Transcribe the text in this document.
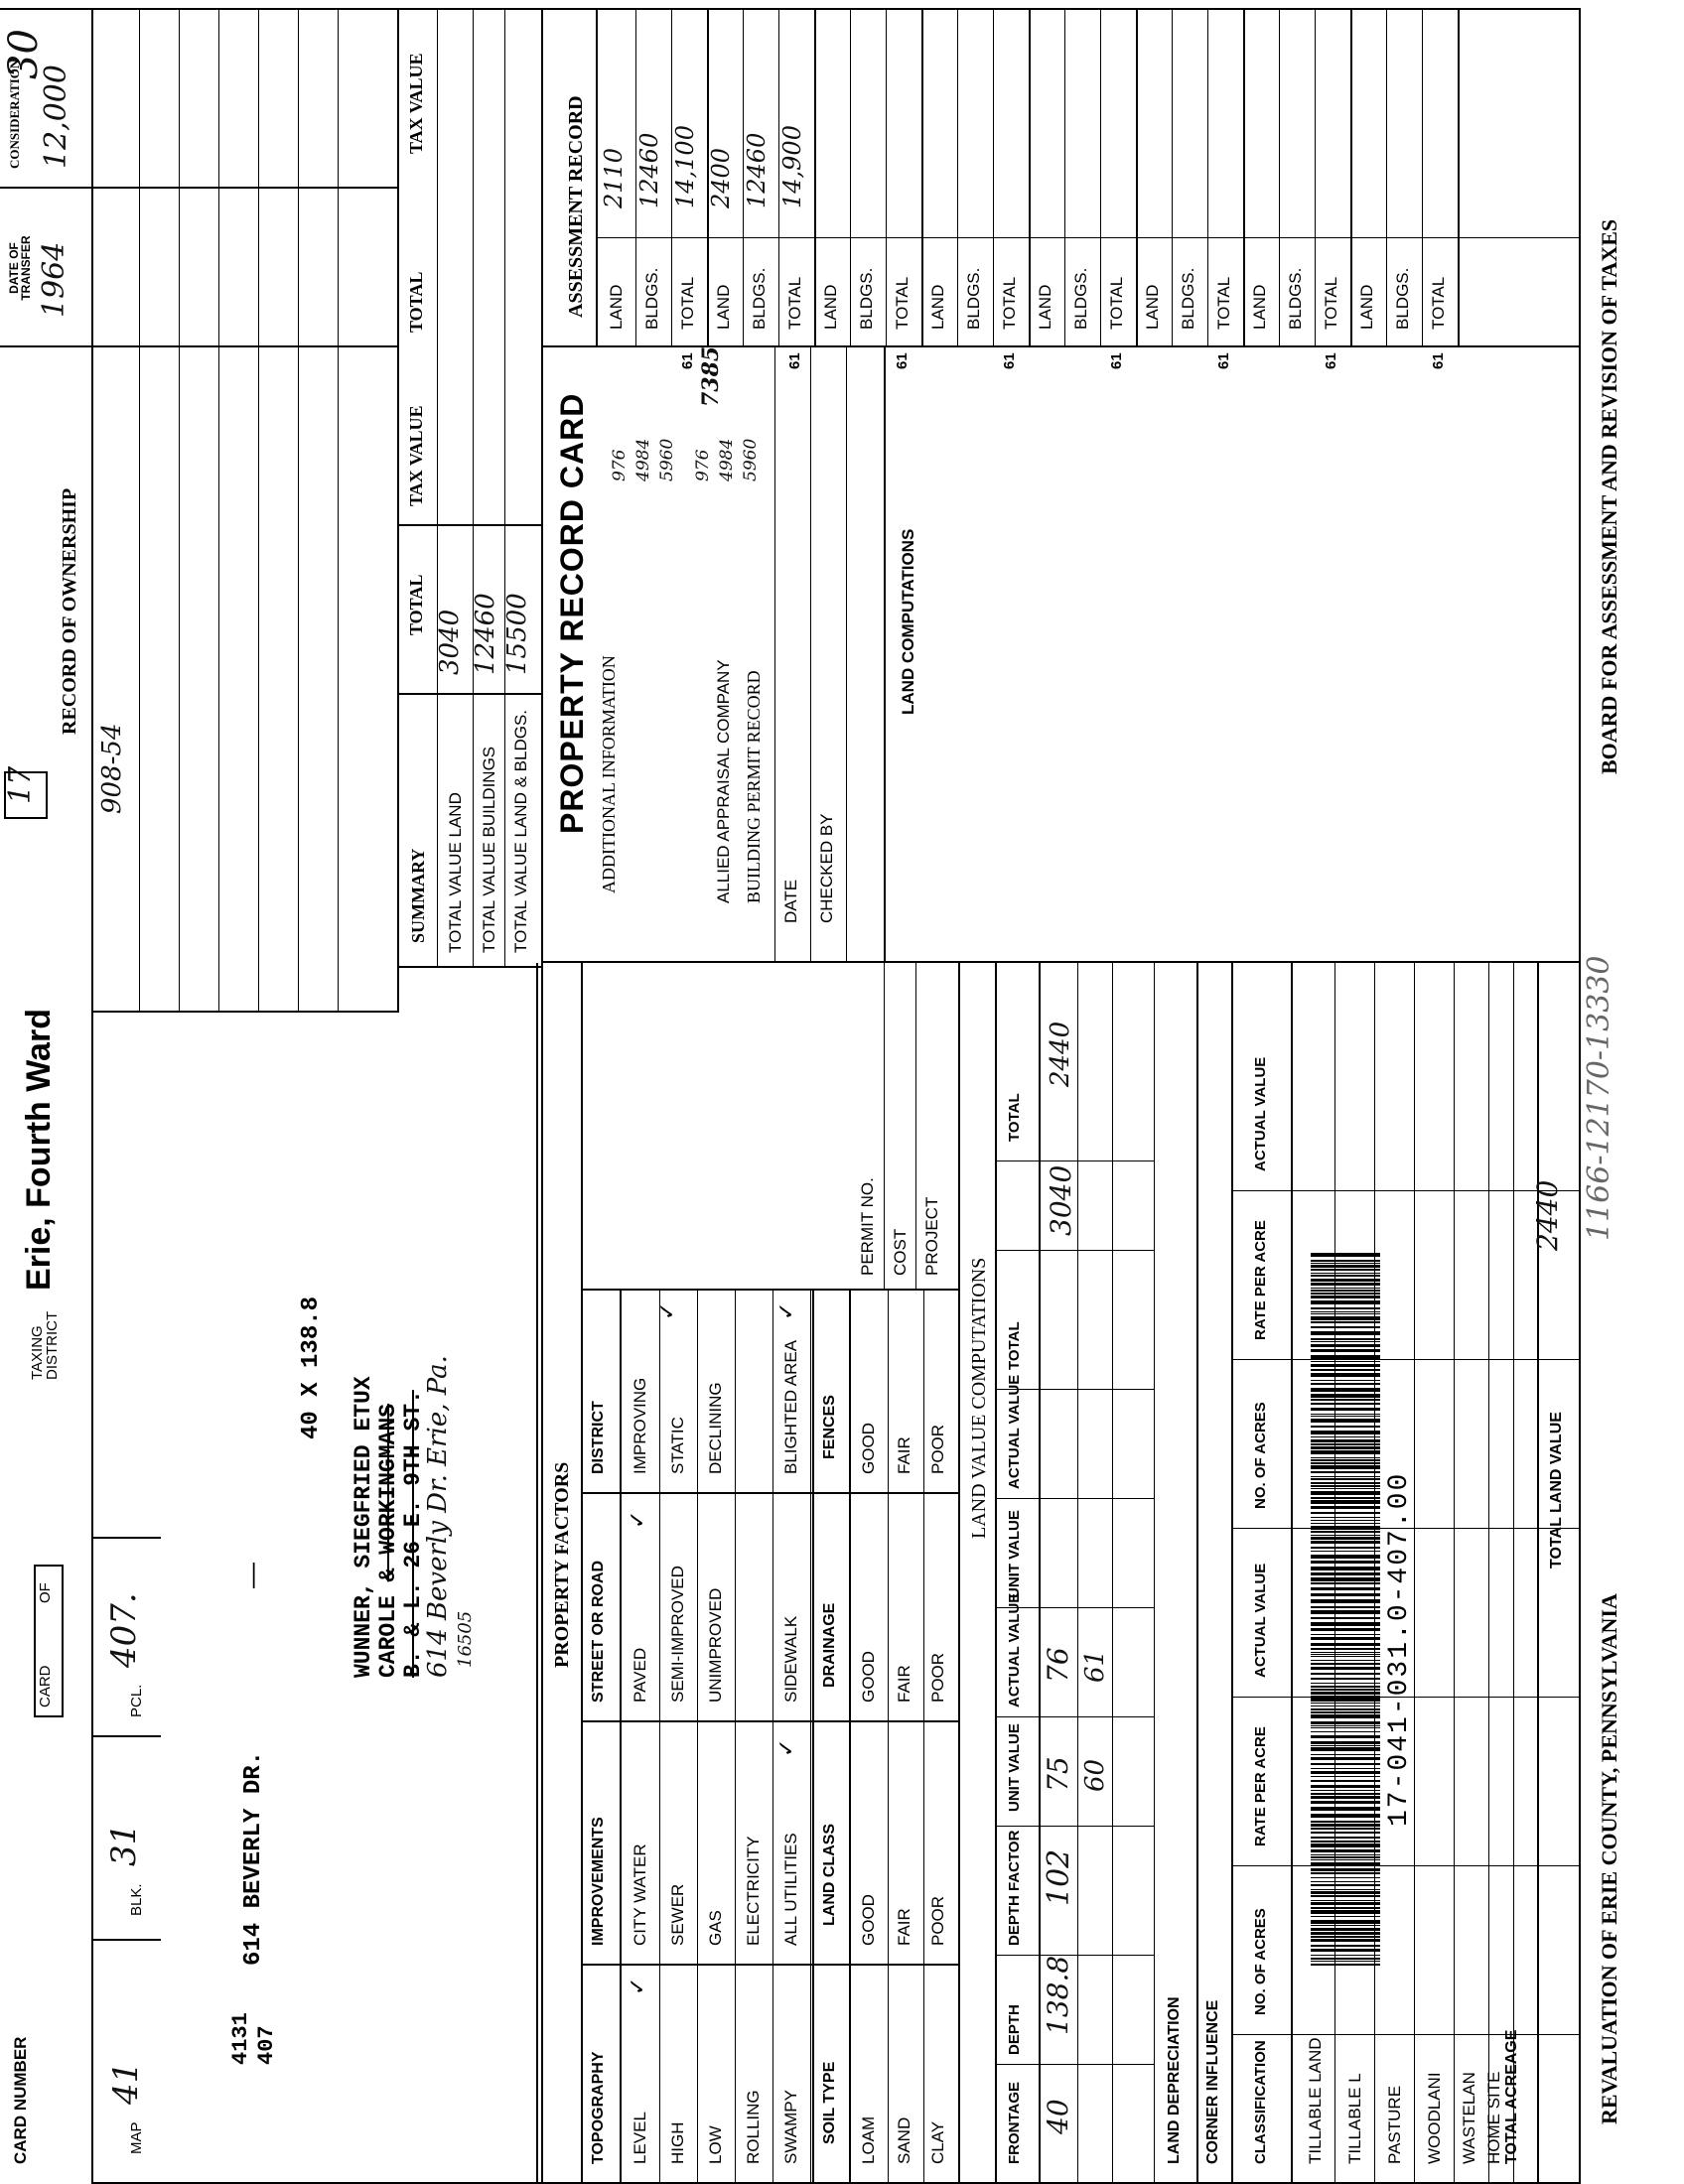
CARD NUMBER
CARD
OF
TAXING DISTRICT
Erie, Fourth Ward
17
30
MAP
41
BLK.
31
PCL.
407.
RECORD OF OWNERSHIP
908-54
DATE OF TRANSFER 1964
CONSIDERATION 12,000
4131 407
614 BEVERLY DR.
—
40 X 138.8
WUNNER, SIEGFRIED ETUX CAROLE & WORKINGMANS B. & L. 26 E. 9TH ST.
614 Beverly Dr. Erie, Pa. 16505
SUMMARY TOTAL VALUE LAND TOTAL VALUE BUILDINGS TOTAL VALUE LAND & BLDGS.
TOTAL
3040 12460 15500
TAX VALUE
TOTAL
TAX VALUE	ASSESSMENT RECORD
PROPERTY RECORD CARD ADDITIONAL INFORMATION
976 4984 5960 976 4984 5960
7385
ALLIED APPRAISAL COMPANY BUILDING PERMIT RECORD DATE CHECKED BY
LAND COMPUTATIONS
PROPERTY FACTORS
TOPOGRAPHY
IMPROVEMENTS
STREET OR ROAD
DISTRICT
SOIL TYPE
LAND CLASS
DRAINAGE
FENCES
PERMIT NO. COST PROJECT
✓
✓
✓
✓
✓	LAND VALUE COMPUTATIONS
40
138.8
102
75 60
76 61
3040
2440
LAND DEPRECIATION CORNER INFLUENCE
17-041-031.0-407.00
TOTAL ACREAGE
TOTAL LAND VALUE
2440
REVALUATION OF ERIE COUNTY, PENNSYLVANIA
1166-12170-13330
BOARD FOR ASSESSMENT AND REVISION OF TAXES
LEVEL
CITY WATER
PAVED
IMPROVING
HIGH
SEWER
SEMI-IMPROVED
STATIC
LOW
GAS
UNIMPROVED
DECLINING
ROLLING
ELECTRICITY
SWAMPY
ALL UTILITIES
SIDEWALK
BLIGHTED AREA
LOAM
GOOD
GOOD
GOOD
SAND
FAIR
FAIR
FAIR
CLAY
POOR
POOR
POOR
FRONTAGE
DEPTH
DEPTH FACTOR
UNIT VALUE
ACTUAL VALUE
UNIT VALUE
ACTUAL VALUE
TOTAL
TOTAL
CLASSIFICATION
NO. OF ACRES
RATE PER ACRE
ACTUAL VALUE
NO. OF ACRES
RATE PER ACRE
ACTUAL VALUE
TILLABLE LAND TILLABLE L PASTURE WOODLANI WASTELAN HOME SITE
LAND
2110
BLDGS.
12460
TOTAL
14,100
61
LAND
2400
BLDGS.
12460
TOTAL
14,900
61
LAND BLDGS. TOTAL
61
LAND BLDGS. TOTAL
61
LAND BLDGS. TOTAL
61
LAND BLDGS. TOTAL
61
LAND BLDGS. TOTAL
61
LAND BLDGS. TOTAL
61
